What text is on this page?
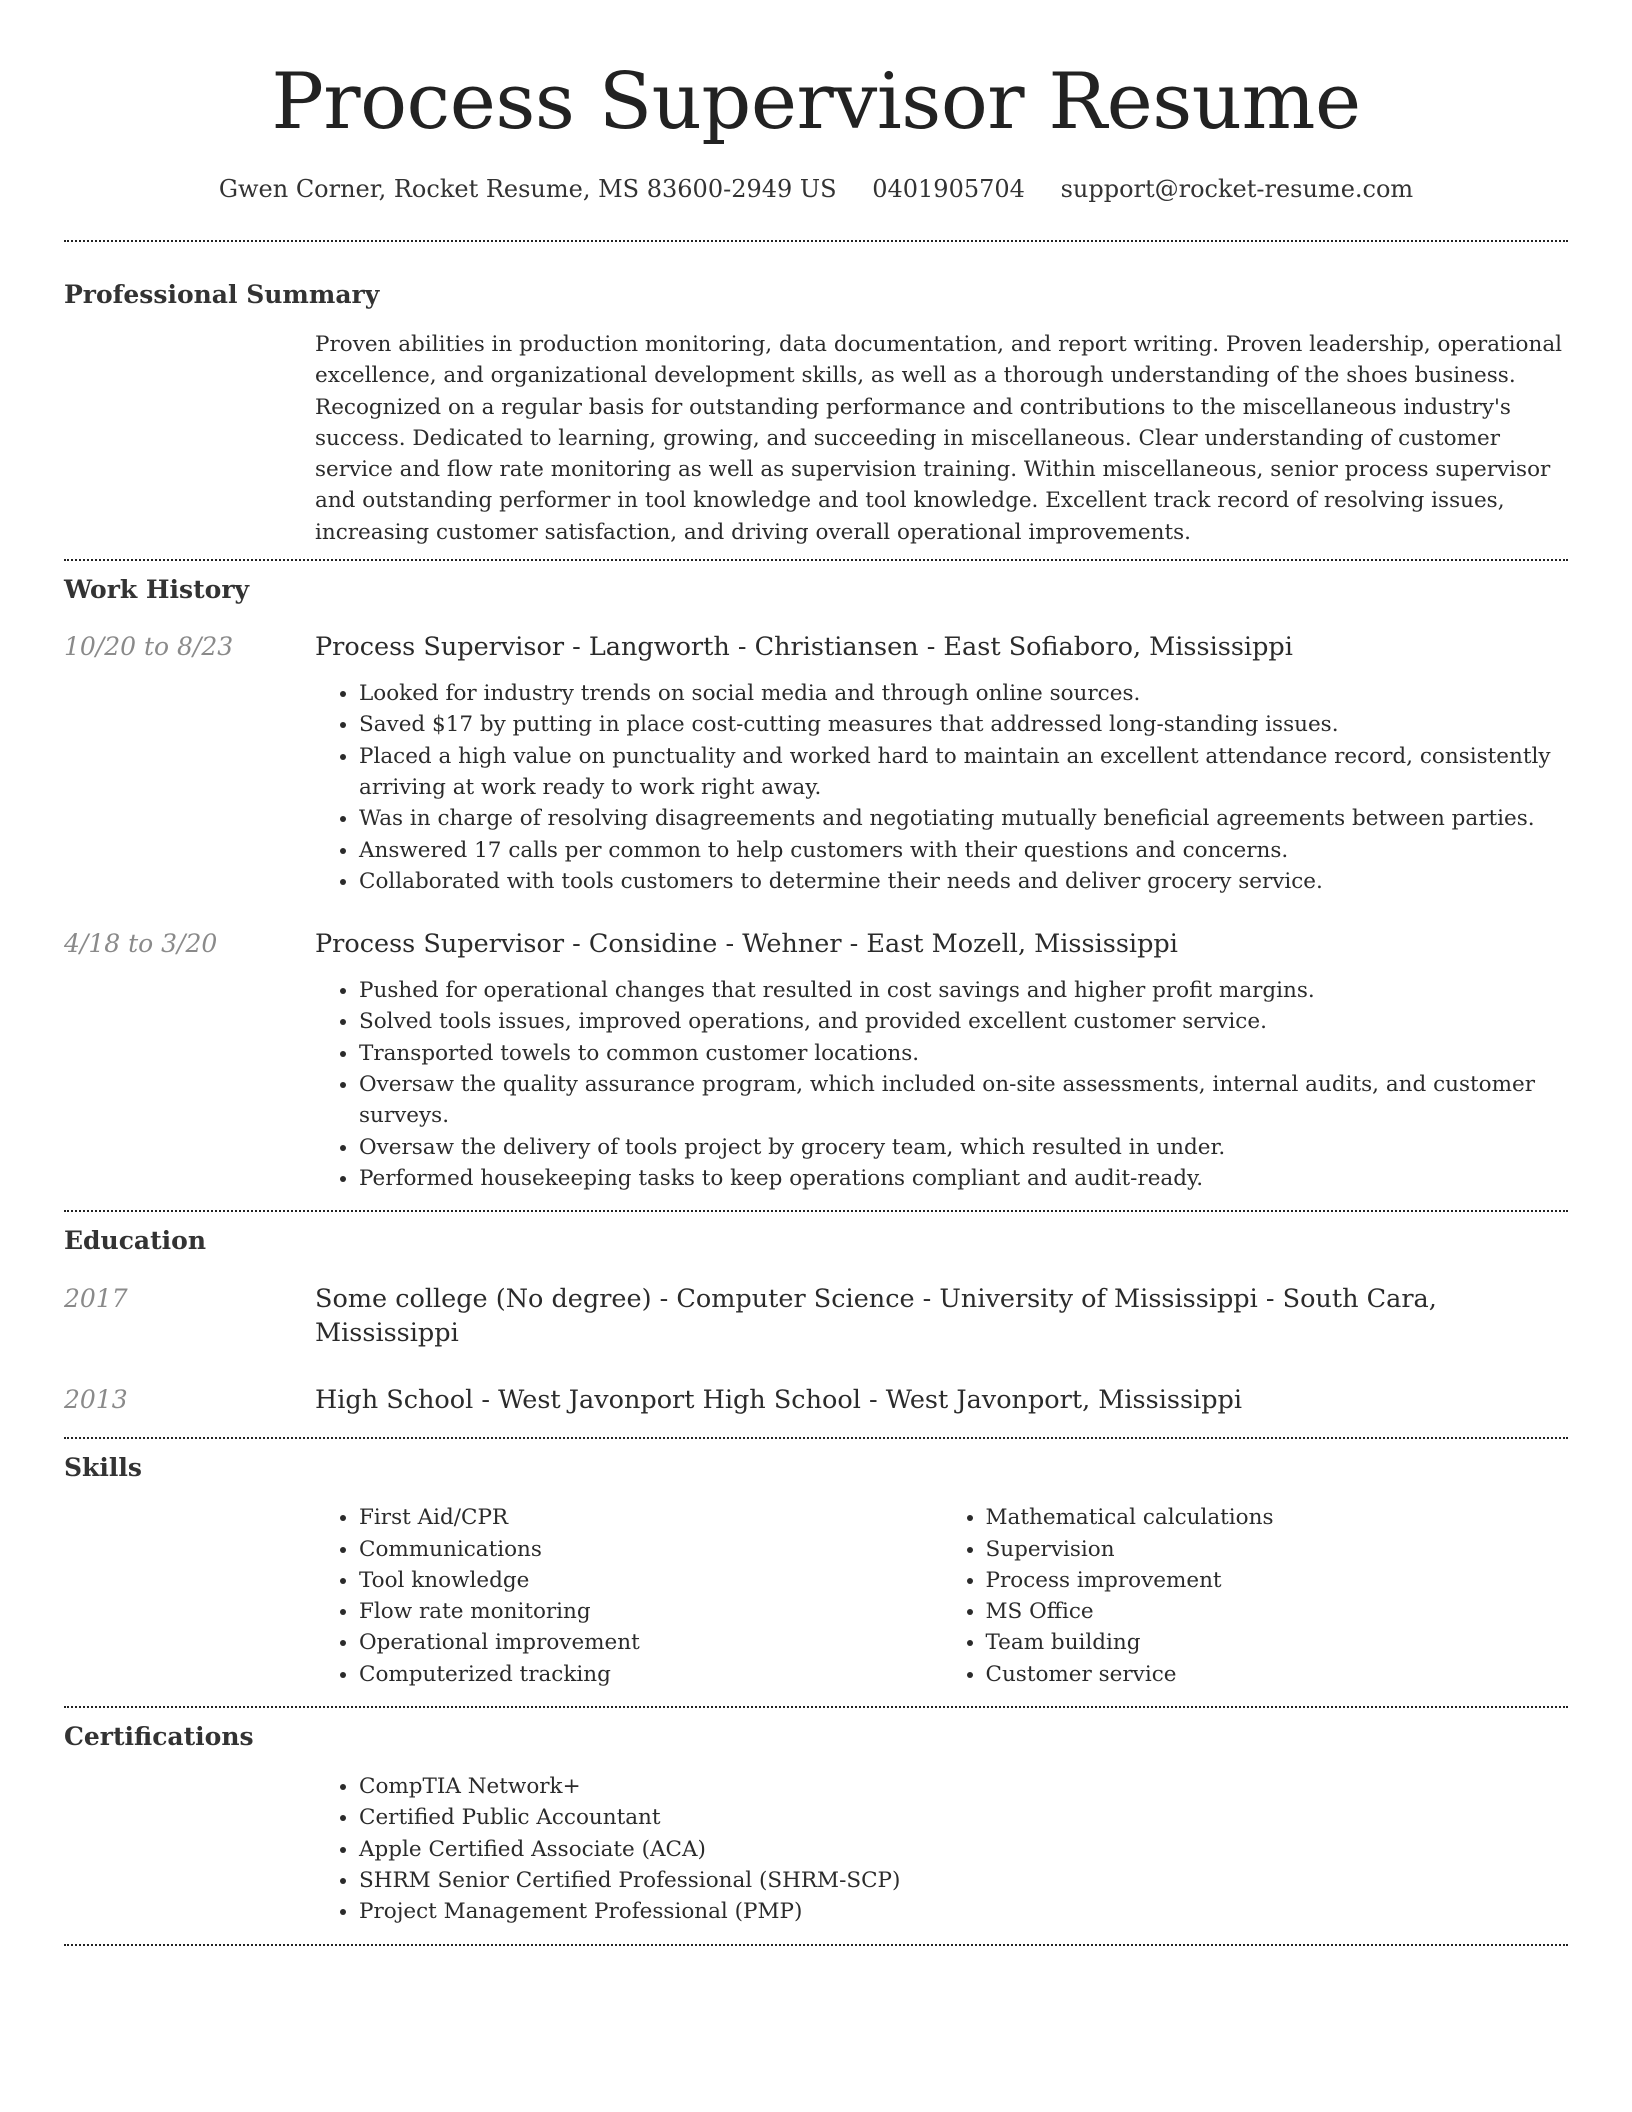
Process Supervisor Resume
Gwen Corner, Rocket Resume, MS 83600-2949 US 0401905704 support@rocket-resume.com
Professional Summary

Proven abilities in production monitoring, data documentation, and report writing. Proven leadership, operational excellence, and organizational development skills, as well as a thorough understanding of the shoes business. Recognized on a regular basis for outstanding performance and contributions to the miscellaneous industry's success. Dedicated to learning, growing, and succeeding in miscellaneous. Clear understanding of customer service and flow rate monitoring as well as supervision training. Within miscellaneous, senior process supervisor and outstanding performer in tool knowledge and tool knowledge. Excellent track record of resolving issues, increasing customer satisfaction, and driving overall operational improvements.

Work History
10/20 to 8/23	Process Supervisor - Langworth - Christiansen - East Sofiaboro, Mississippi

• Looked for industry trends on social media and through online sources.
• Saved $17 by putting in place cost-cutting measures that addressed long-standing issues.
• Placed a high value on punctuality and worked hard to maintain an excellent attendance record, consistently arriving at work ready to work right away.
• Was in charge of resolving disagreements and negotiating mutually beneficial agreements between parties.
• Answered 17 calls per common to help customers with their questions and concerns.
• Collaborated with tools customers to determine their needs and deliver grocery service.
4/18 to 3/20	Process Supervisor - Considine - Wehner - East Mozell, Mississippi

• Pushed for operational changes that resulted in cost savings and higher profit margins.
• Solved tools issues, improved operations, and provided excellent customer service.
• Transported towels to common customer locations.
• Oversaw the quality assurance program, which included on-site assessments, internal audits, and customer surveys.
• Oversaw the delivery of tools project by grocery team, which resulted in under.
• Performed housekeeping tasks to keep operations compliant and audit-ready.
Education
2017	Some college (No degree) - Computer Science - University of Mississippi - South Cara, Mississippi

2013	High School - West Javonport High School - West Javonport, Mississippi

Skills
• First Aid/CPR
• Communications
• Tool knowledge
• Flow rate monitoring
• Operational improvement
• Computerized tracking
• Mathematical calculations
• Supervision
• Process improvement
• MS Office
• Team building
• Customer service
Certifications
• CompTIA Network+
• Certified Public Accountant
• Apple Certified Associate (ACA)
• SHRM Senior Certified Professional (SHRM-SCP)
• Project Management Professional (PMP)
